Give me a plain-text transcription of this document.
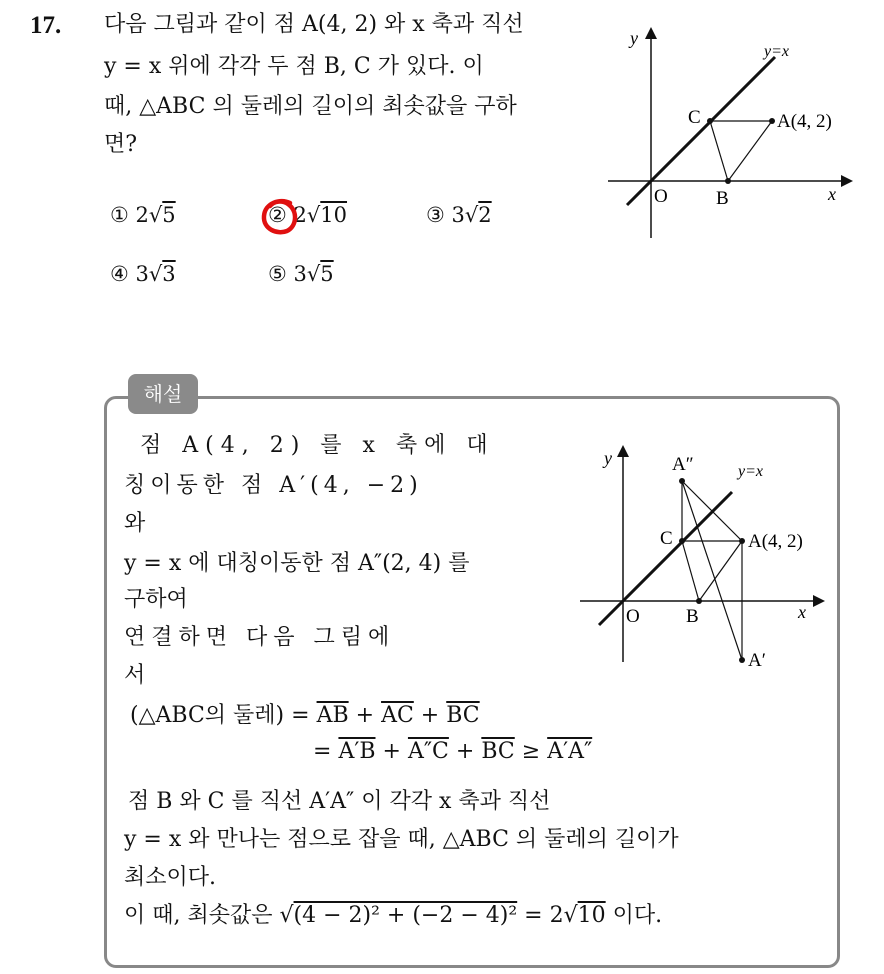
17. 다음 그림과 같이 점 A(4, 2) 와 x 축과 직선
y = x 위에 각각 두 점 B, C 가 있다. 이
때, △ABC 의 둘레의 길이의 최솟값을 구하
면?
① 2√5	② 2√10	③ 3√2
④ 3√3	⑤ 3√5
y
x
y=x
O
A(4, 2)
B
C
해설
점 A(4, 2) 를 x 축에 대
칭이동한 점 A′(4, −2)
와
y = x 에 대칭이동한 점 A″(2, 4) 를
구하여
연결하면 다음 그림에
서
(△ABC의 둘레) = $\overline{AB} + \overline{AC} + \overline{BC}$
= $A'B + A''C + \overline{BC} \ge A'A''$
점 B 와 C 를 직선 A′A″ 이 각각 x 축과 직선
y = x 와 만나는 점으로 잡을 때, △ABC 의 둘레의 길이가
최소이다.
이 때, 최솟값은 √(4 − 2)² + (−2 − 4)² = 2√10 이다.
y
x
y=x
O
A(4, 2)
A′
A″
B
C
